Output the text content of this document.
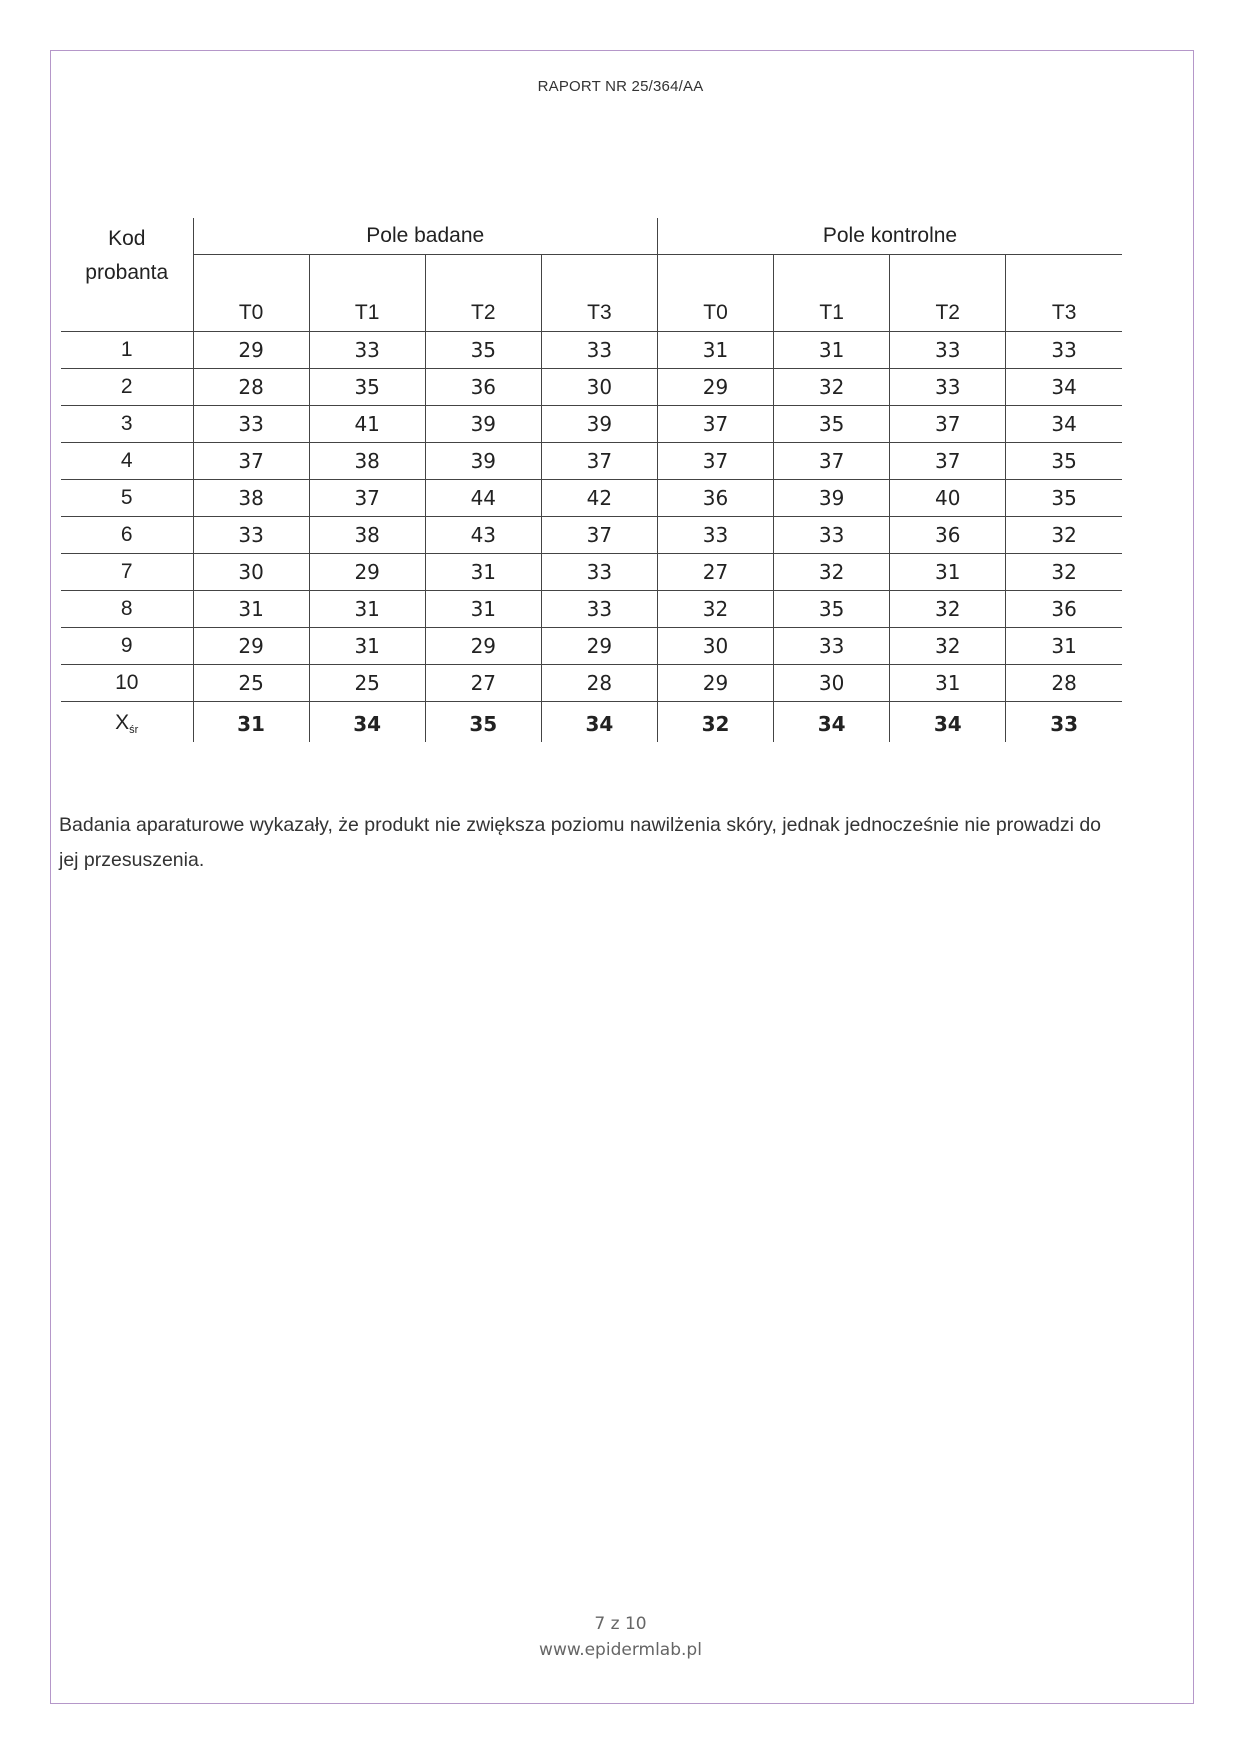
RAPORT NR 25/364/AA
Kod
probanta	Pole badane				Pole kontrolne			
	T0	T1	T2	T3	T0	T1	T2	T3
1	29	33	35	33	31	31	33	33
2	28	35	36	30	29	32	33	34
3	33	41	39	39	37	35	37	34
4	37	38	39	37	37	37	37	35
5	38	37	44	42	36	39	40	35
6	33	38	43	37	33	33	36	32
7	30	29	31	33	27	32	31	32
8	31	31	31	33	32	35	32	36
9	29	31	29	29	30	33	32	31
10	25	25	27	28	29	30	31	28
$X_{śr}$	31	34	35	34	32	34	34	33
Badania aparaturowe wykazały, że produkt nie zwiększa poziomu nawilżenia skóry, jednak jednocześnie nie prowadzi do jej przesuszenia.
7 z 10
www.epidermlab.pl
